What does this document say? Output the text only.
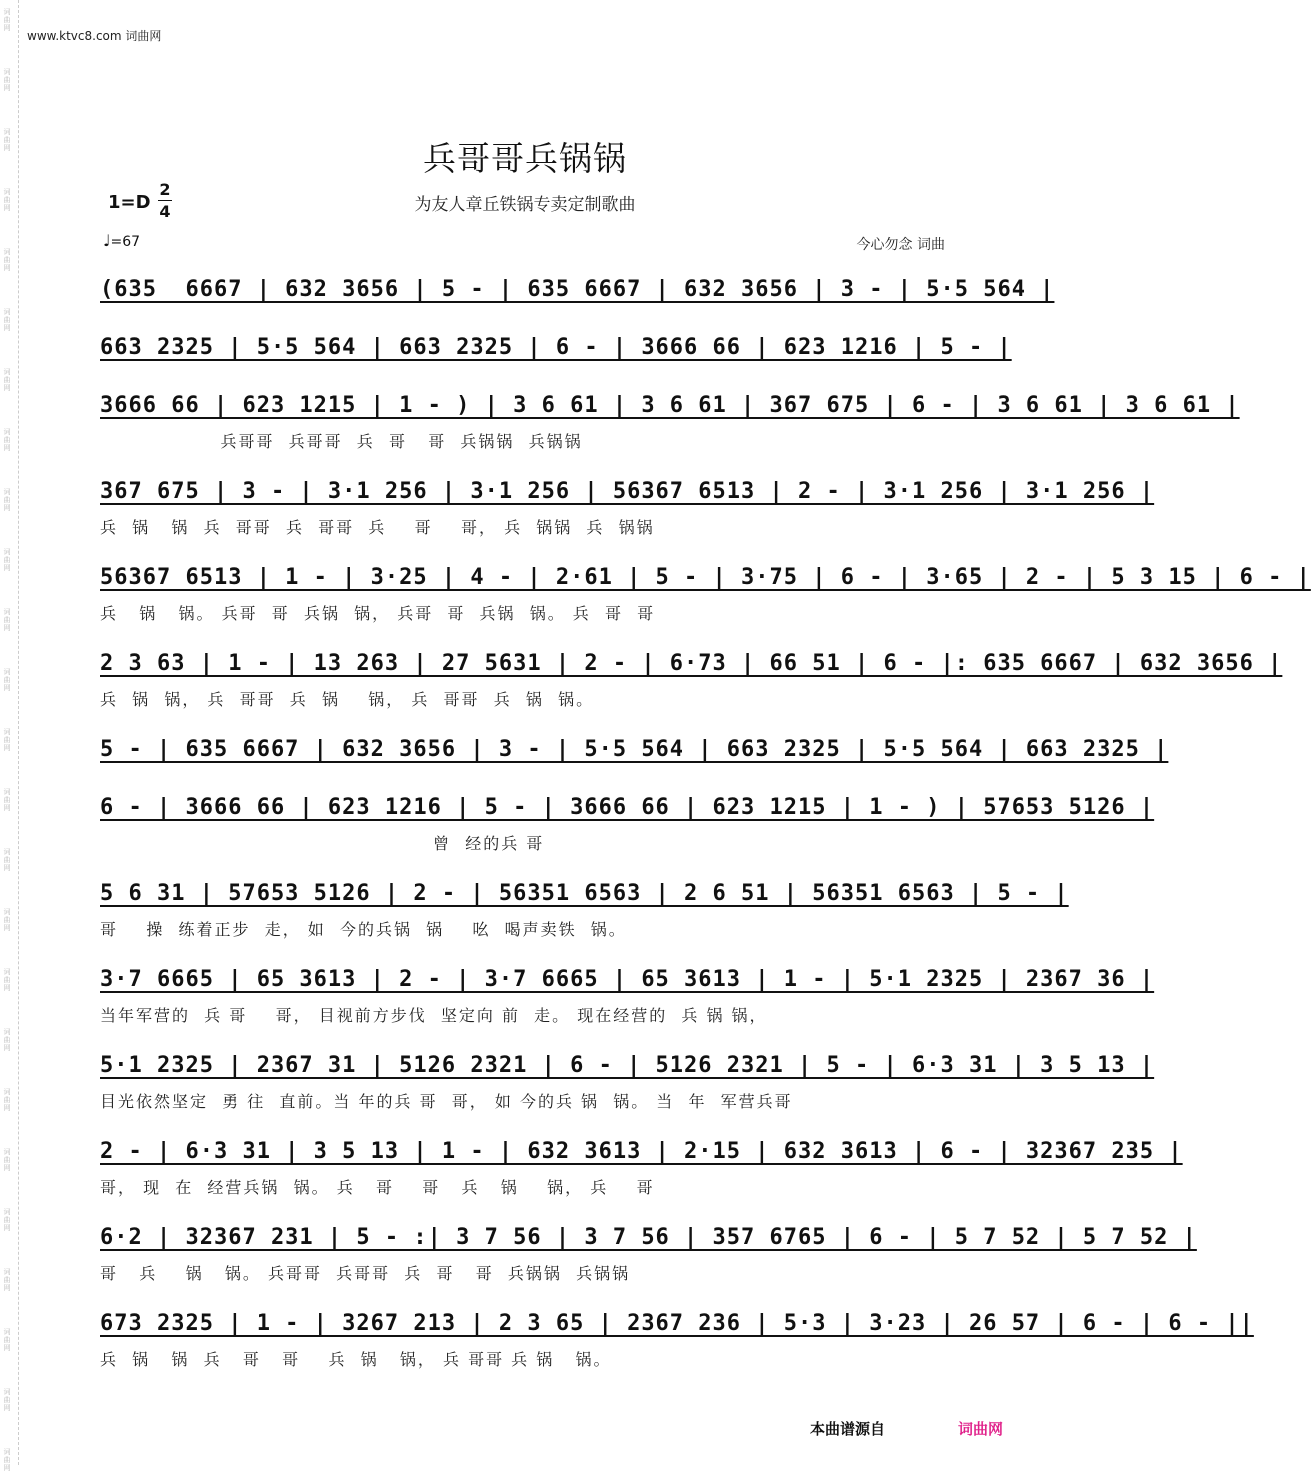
词曲网
词曲网
词曲网
词曲网
词曲网
词曲网
词曲网
词曲网
词曲网
词曲网
词曲网
词曲网
词曲网
词曲网
词曲网
词曲网
词曲网
词曲网
词曲网
词曲网
词曲网
词曲网
词曲网
词曲网
词曲网
www.ktvc8.com 词曲网
兵哥哥兵锅锅
为友人章丘铁锅专卖定制歌曲
1=D
2
4
♩=67	今心勿念 词曲
(635  6667 | 632 3656 | 5 - | 635 6667 | 632 3656 | 3 - | 5·5 564 |
663 2325 | 5·5 564 | 663 2325 | 6 - | 3666 66 | 623 1216 | 5 - |
3666 66 | 623 1215 | 1 - ) | 3 6 61 | 3 6 61 | 367 675 | 6 - | 3 6 61 | 3 6 61 |
兵哥哥  兵哥哥  兵  哥   哥  兵锅锅  兵锅锅
367 675 | 3 - | 3·1 256 | 3·1 256 | 56367 6513 | 2 - | 3·1 256 | 3·1 256 |
兵  锅   锅  兵  哥哥  兵  哥哥  兵    哥    哥， 兵  锅锅  兵  锅锅
56367 6513 | 1 - | 3·25 | 4 - | 2·61 | 5 - | 3·75 | 6 - | 3·65 | 2 - | 5 3 15 | 6 - |
兵   锅   锅。 兵哥  哥  兵锅  锅， 兵哥  哥  兵锅  锅。 兵  哥  哥
2 3 63 | 1 - | 13 263 | 27 5631 | 2 - | 6·73 | 66 51 | 6 - |: 635 6667 | 632 3656 |
兵  锅  锅， 兵  哥哥  兵  锅    锅， 兵  哥哥  兵  锅  锅。
5 - | 635 6667 | 632 3656 | 3 - | 5·5 564 | 663 2325 | 5·5 564 | 663 2325 |
6 - | 3666 66 | 623 1216 | 5 - | 3666 66 | 623 1215 | 1 - ) | 57653 5126 |
曾  经的兵 哥
5 6 31 | 57653 5126 | 2 - | 56351 6563 | 2 6 51 | 56351 6563 | 5 - |
哥    操  练着正步  走， 如  今的兵锅  锅    吆  喝声卖铁  锅。
3·7 6665 | 65 3613 | 2 - | 3·7 6665 | 65 3613 | 1 - | 5·1 2325 | 2367 36 |
当年军营的  兵 哥    哥， 目视前方步伐  坚定向 前  走。 现在经营的  兵 锅 锅，
5·1 2325 | 2367 31 | 5126 2321 | 6 - | 5126 2321 | 5 - | 6·3 31 | 3 5 13 |
目光依然坚定  勇 往  直前。当 年的兵 哥  哥， 如 今的兵 锅  锅。 当  年  军营兵哥
2 - | 6·3 31 | 3 5 13 | 1 - | 632 3613 | 2·15 | 632 3613 | 6 - | 32367 235 |
哥， 现  在  经营兵锅  锅。 兵   哥    哥   兵   锅    锅， 兵    哥
6·2 | 32367 231 | 5 - :| 3 7 56 | 3 7 56 | 357 6765 | 6 - | 5 7 52 | 5 7 52 |
哥   兵    锅   锅。 兵哥哥  兵哥哥  兵  哥   哥  兵锅锅  兵锅锅
673 2325 | 1 - | 3267 213 | 2 3 65 | 2367 236 | 5·3 | 3·23 | 26 57 | 6 - | 6 - ||
兵  锅   锅  兵   哥   哥    兵  锅   锅， 兵 哥哥 兵 锅   锅。
本曲谱源自	词曲网
